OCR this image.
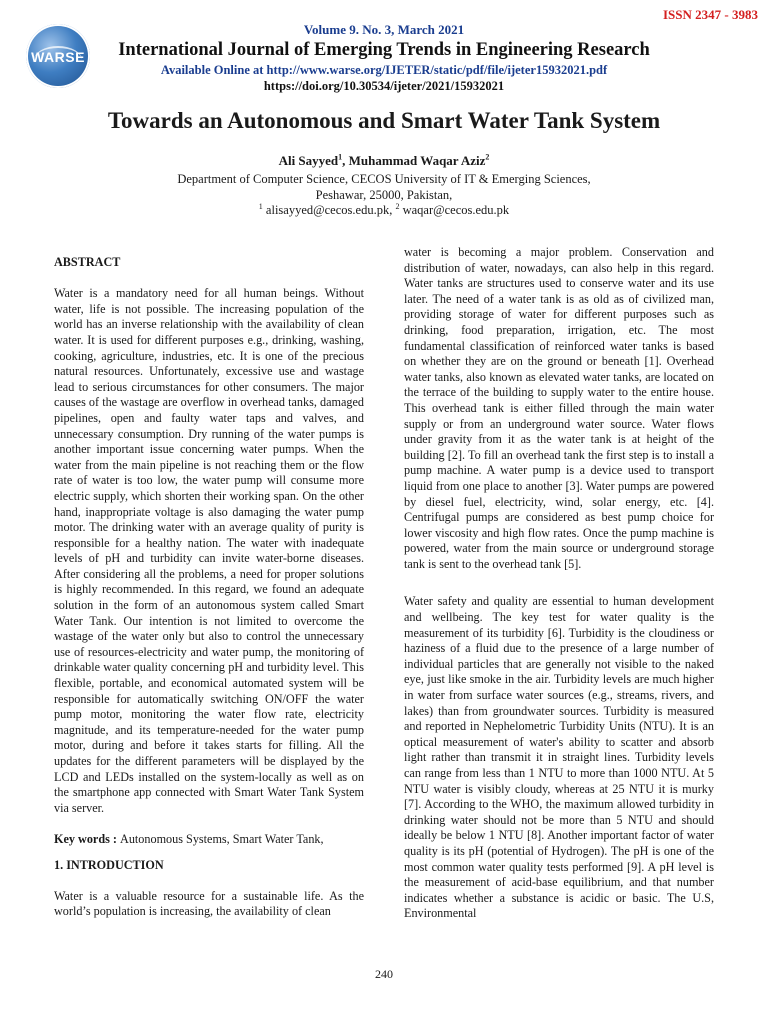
ISSN 2347 - 3983
WARSE
Volume 9. No. 3, March 2021
International Journal of Emerging Trends in Engineering Research
Available Online at http://www.warse.org/IJETER/static/pdf/file/ijeter15932021.pdf
https://doi.org/10.30534/ijeter/2021/15932021
Towards an Autonomous and Smart Water Tank System
Ali Sayyed$^1$, Muhammad Waqar Aziz$^2$
Department of Computer Science, CECOS University of IT & Emerging Sciences,
Peshawar, 25000, Pakistan,
$^1$ alisayyed@cecos.edu.pk, $^2$ waqar@cecos.edu.pk

ABSTRACT

Water is a mandatory need for all human beings. Without water, life is not possible. The increasing population of the world has an inverse relationship with the availability of clean water. It is used for different purposes e.g., drinking, washing, cooking, agriculture, industries, etc. It is one of the precious natural resources. Unfortunately, excessive use and wastage lead to serious circumstances for other consumers. The major causes of the wastage are overflow in overhead tanks, damaged pipelines, open and faulty water taps and valves, and unnecessary consumption. Dry running of the water pumps is another important issue concerning water pumps. When the water from the main pipeline is not reaching them or the flow rate of water is too low, the water pump will consume more electric supply, which shorten their working span. On the other hand, inappropriate voltage is also damaging the water pump motor. The drinking water with an average quality of purity is responsible for a healthy nation. The water with inadequate levels of pH and turbidity can invite water-borne diseases. After considering all the problems, a need for proper solutions is highly recommended. In this regard, we found an adequate solution in the form of an autonomous system called Smart Water Tank. Our intention is not limited to overcome the wastage of the water only but also to control the unnecessary use of resources-electricity and water pump, the monitoring of drinkable water quality concerning pH and turbidity level. This flexible, portable, and economical automated system will be responsible for automatically switching ON/OFF the water pump motor, monitoring the water flow rate, electricity magnitude, and its temperature-needed for the water pump motor, during and before it takes starts for filling. All the updates for the different parameters will be displayed by the LCD and LEDs installed on the system-locally as well as on the smartphone app connected with Smart Water Tank System via server.

Key words : Autonomous Systems, Smart Water Tank,

1. INTRODUCTION

Water is a valuable resource for a sustainable life. As the world’s population is increasing, the availability of clean

water is becoming a major problem. Conservation and distribution of water, nowadays, can also help in this regard. Water tanks are structures used to conserve water and its use later. The need of a water tank is as old as of civilized man, providing storage of water for different purposes such as drinking, food preparation, irrigation, etc. The most fundamental classification of reinforced water tanks is based on whether they are on the ground or beneath [1]. Overhead water tanks, also known as elevated water tanks, are located on the terrace of the building to supply water to the entire house. This overhead tank is either filled through the main water supply or from an underground water source. Water flows under gravity from it as the water tank is at height of the building [2]. To fill an overhead tank the first step is to install a pump machine. A water pump is a device used to transport liquid from one place to another [3]. Water pumps are powered by diesel fuel, electricity, wind, solar energy, etc. [4]. Centrifugal pumps are considered as best pump choice for lower viscosity and high flow rates. Once the pump machine is powered, water from the main source or underground storage tank is sent to the overhead tank [5].

Water safety and quality are essential to human development and wellbeing. The key test for water quality is the measurement of its turbidity [6]. Turbidity is the cloudiness or haziness of a fluid due to the presence of a large number of individual particles that are generally not visible to the naked eye, just like smoke in the air. Turbidity levels are much higher in water from surface water sources (e.g., streams, rivers, and lakes) than from groundwater sources. Turbidity is measured and reported in Nephelometric Turbidity Units (NTU). It is an optical measurement of water's ability to scatter and absorb light rather than transmit it in straight lines. Turbidity levels can range from less than 1 NTU to more than 1000 NTU. At 5 NTU water is visibly cloudy, whereas at 25 NTU it is murky [7]. According to the WHO, the maximum allowed turbidity in drinking water should not be more than 5 NTU and should ideally be below 1 NTU [8]. Another important factor of water quality is its pH (potential of Hydrogen). The pH is one of the most common water quality tests performed [9]. A pH level is the measurement of acid-base equilibrium, and that number indicates whether a substance is acidic or basic. The U.S, Environmental

240
